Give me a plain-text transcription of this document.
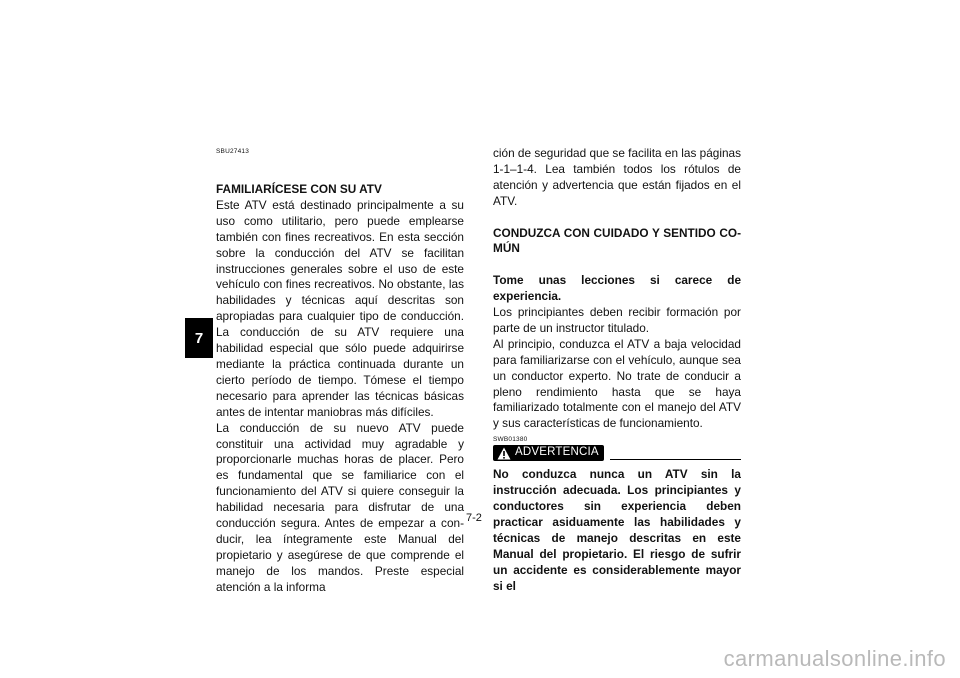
7

SBU27413

FAMILIARÍCESE CON SU ATV

Este ATV está destinado principalmente a su uso como utilitario, pero puede emplearse también con fines recreativos. En esta sección sobre la conducción del ATV se facilitan instrucciones generales sobre el uso de este vehículo con fines recreativos. No obstante, las habilidades y técnicas aquí descritas son apropiadas para cualquier tipo de conducción. La conducción de su ATV requiere una habilidad especial que sólo puede adquirirse mediante la práctica continuada durante un cierto período de tiempo. Tómese el tiempo necesario para aprender las técnicas básicas antes de intentar maniobras más difíciles.

La conducción de su nuevo ATV puede constituir una actividad muy agradable y proporcionarle muchas horas de placer. Pero es fundamental que se familiarice con el funcionamiento del ATV si quiere conseguir la habilidad necesaria para disfrutar de una conducción segura. Antes de empezar a conducir, lea íntegramente este Manual del propietario y asegúrese de que comprende el manejo de los mandos. Preste especial atención a la informa

ción de seguridad que se facilita en las páginas 1-1–1-4. Lea también todos los rótulos de atención y advertencia que están fijados en el ATV.

CONDUZCA CON CUIDADO Y SENTIDO COMÚN

Tome unas lecciones si carece de experiencia.

Los principiantes deben recibir formación por parte de un instructor titulado.

Al principio, conduzca el ATV a baja velocidad para familiarizarse con el vehículo, aunque sea un conductor experto. No trate de conducir a pleno rendimiento hasta que se haya familiarizado totalmente con el manejo del ATV y sus características de funcionamiento.

SWB01380

ADVERTENCIA

No conduzca nunca un ATV sin la instrucción adecuada. Los principiantes y conductores sin experiencia deben practicar asiduamente las habilidades y técnicas de manejo descritas en este Manual del propietario. El riesgo de sufrir un accidente es considerablemente mayor si el

7-2
carmanualsonline.info
